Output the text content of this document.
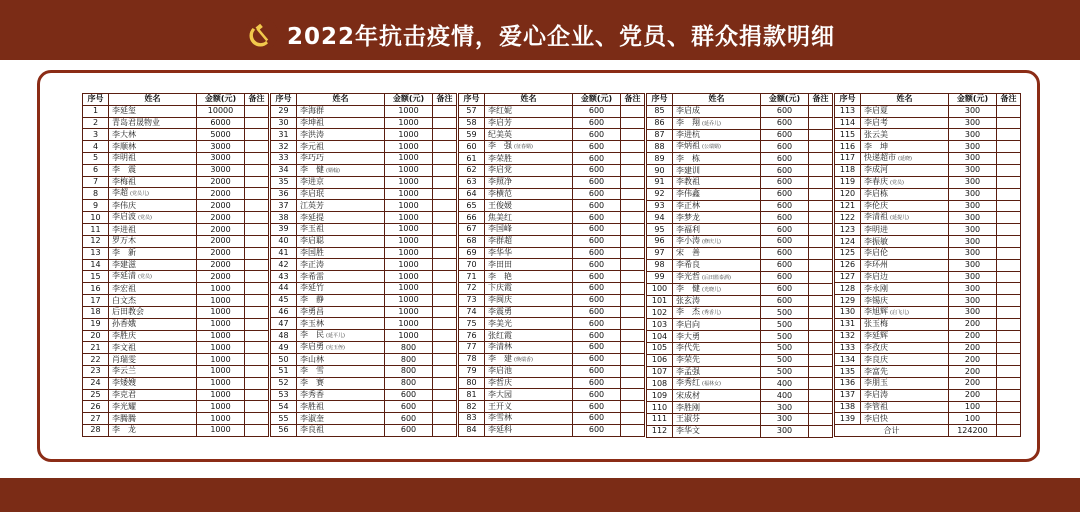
2022年抗击疫情，爱心企业、党员、群众捐款明细
序号	姓名	金额(元)	备注
1	李延玺	10000	
2	青岛君晟物业	6000	
3	李大林	5000	
4	李顺林	3000	
5	李明祖	3000	
6	李　震	3000	
7	李梅祖	2000	
8	李超 (党员儿)	2000	
9	李伟庆	2000	
10	李启波 (党员)	2000	
11	李进祖	2000	
12	罗万木	2000	
13	李　新	2000	
14	李建滋	2000	
15	李延清 (党员)	2000	
16	李宏祖	1000	
17	白文杰	1000	
18	后田教会	1000	
19	孙香娥	1000	
20	李胜庆	1000	
21	李文祖	1000	
22	肖瑞雯	1000	
23	李云兰	1000	
24	李矮嫂	1000	
25	李克君	1000	
26	李光耀	1000	
27	李腾腾	1000	
28	李　龙	1000	
序号	姓名	金额(元)	备注
29	李海群	1000	
30	李坤祖	1000	
31	李洪涛	1000	
32	李元祖	1000	
33	李巧巧	1000	
34	李　健 (婿翰)	1000	
35	李进京	1000	
36	李启珉	1000	
37	江英芳	1000	
38	李延提	1000	
39	李玉祖	1000	
40	李启聪	1000	
41	李国胜	1000	
42	李正涛	1000	
43	李希雷	1000	
44	李延竹	1000	
45	李　静	1000	
46	李勇昌	1000	
47	李玉林	1000	
48	李　民 (延平儿)	1000	
49	李启勇 (宪玉侄)	800	
50	李山林	800	
51	李　雪	800	
52	李　赛	800	
53	李秀香	600	
54	李胜祖	600	
55	李淑奎	600	
56	李良祖	600	
序号	姓名	金额(元)	备注
57	李红妮	600	
58	李启芳	600	
59	纪美英	600	
60	李　强 (征春婿)	600	
61	李荣胜	600	
62	李启党	600	
63	李照净	600	
64	李横范	600	
65	王俊媛	600	
66	焦美红	600	
67	李国峰	600	
68	李群超	600	
69	李华华	600	
70	李田田	600	
71	李　艳	600	
72	卞庆霞	600	
73	李闽庆	600	
74	李震勇	600	
75	李美光	600	
76	张红霞	600	
77	李清林	600	
78	李　建 (焕瑞香)	600	
79	李启池	600	
80	李哲庆	600	
81	李大园	600	
82	王开义	600	
83	李雪林	600	
84	李延科	600	
序号	姓名	金额(元)	备注
85	李启成	600	
86	李　翔 (延乔儿)	600	
87	李进杭	600	
88	李炳祖 (公瑞婿)	600	
89	李　栋	600	
90	李建训	600	
91	李教祖	600	
92	李伟鑫	600	
93	李正林	600	
94	李梦龙	600	
95	李福利	600	
96	李小涛 (修庆儿)	600	
97	宋　善	600	
98	李希良	600	
99	李光哲 (后田篮泰酒)	600	
100	李　健 (光晓儿)	600	
101	张玄涛	600	
102	李　杰 (秀香儿)	500	
103	李启向	500	
104	李大勇	500	
105	李代先	500	
106	李荣先	500	
107	李孟强	500	
108	李秀红 (福林女)	400	
109	宋成材	400	
110	李胜刚	300	
111	王淑芬	300	
112	李华文	300	
序号	姓名	金额(元)	备注
113	李启夏	300	
114	李启考	300	
115	张云美	300	
116	李　坤	300	
117	快递超市 (延晓)	300	
118	李成河	300	
119	李春庆 (党员)	300	
120	李启栋	300	
121	李伦庆	300	
122	李清祖 (延提儿)	300	
123	李明进	300	
124	李振敏	300	
125	李启伦	300	
126	李环州	300	
127	李启边	300	
128	李永刚	300	
129	李锡庆	300	
130	李旭辉 (启飞儿)	300	
131	张玉梅	200	
132	李延辉	200	
133	李孜庆	200	
134	李良庆	200	
135	李富先	200	
136	李朋玉	200	
137	李启涛	200	
138	李管祖	100	
139	李启快	100	
合计		124200	
